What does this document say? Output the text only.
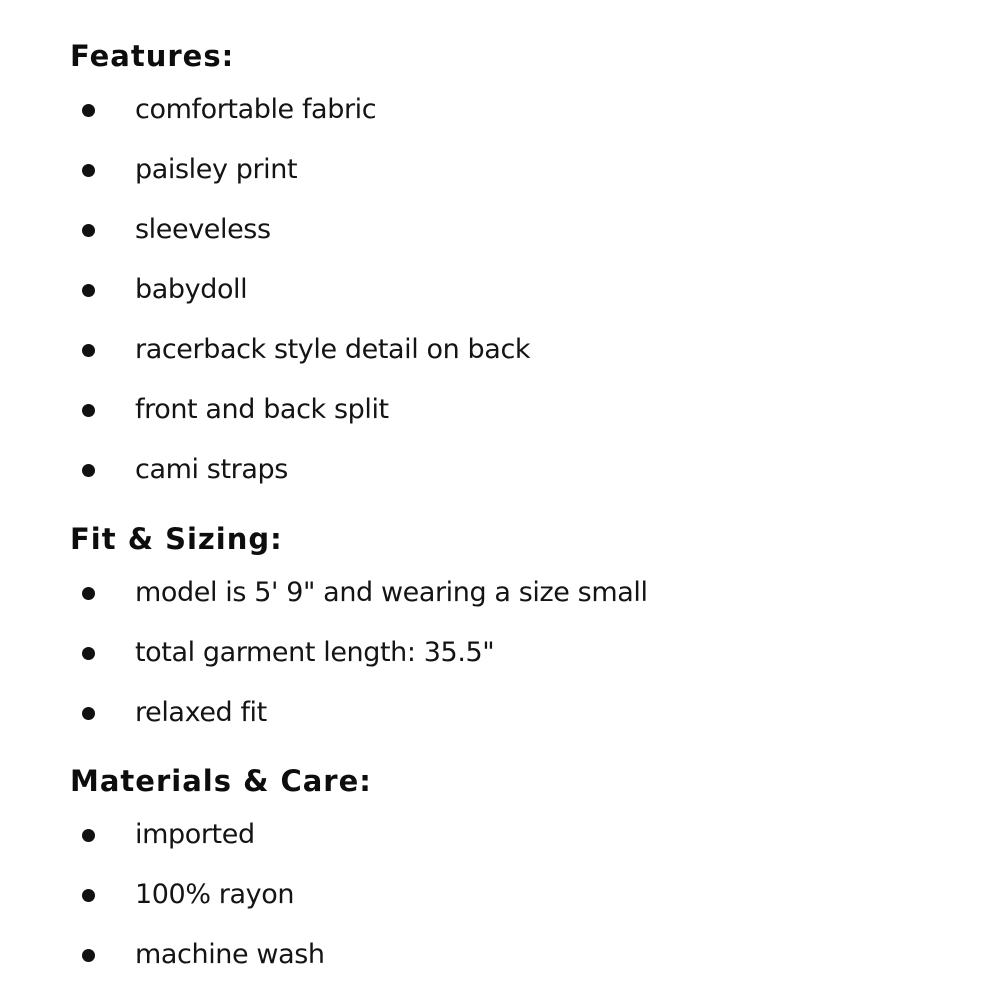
Features:
comfortable fabric
paisley print
sleeveless
babydoll
racerback style detail on back
front and back split
cami straps
Fit & Sizing:
model is 5' 9" and wearing a size small
total garment length: 35.5"
relaxed fit
Materials & Care:
imported
100% rayon
machine wash
